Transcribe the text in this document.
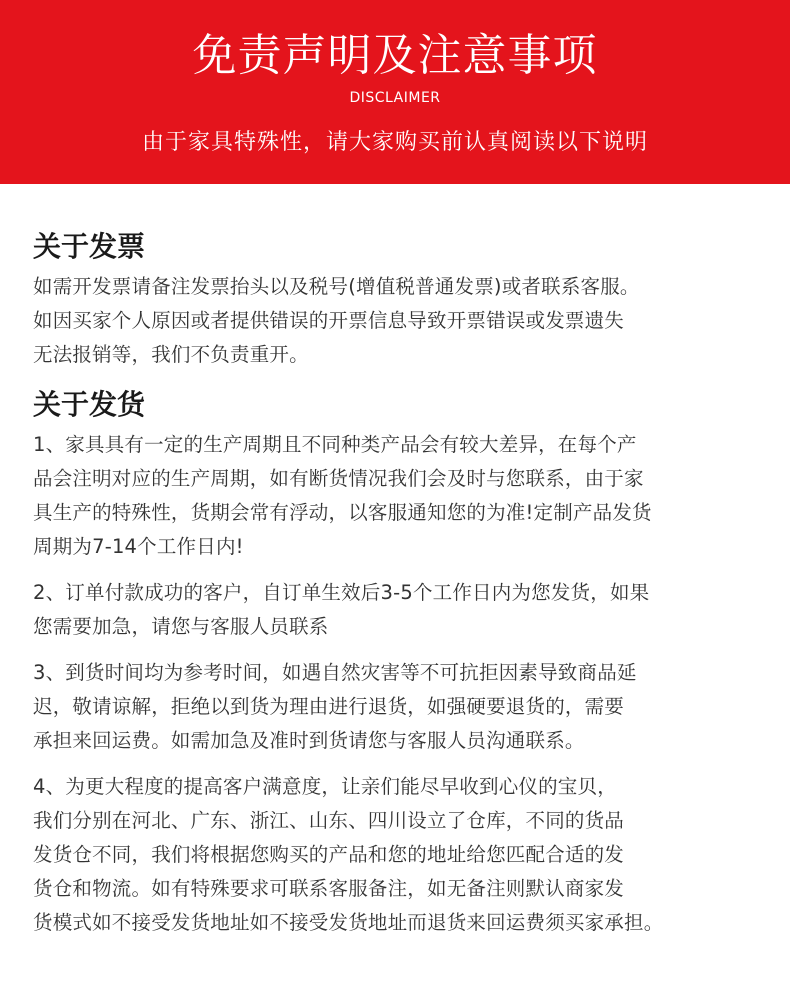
免责声明及注意事项
DISCLAIMER
由于家具特殊性，请大家购买前认真阅读以下说明
关于发票

如需开发票请备注发票抬头以及税号(增值税普通发票)或者联系客服。
如因买家个人原因或者提供错误的开票信息导致开票错误或发票遗失
无法报销等，我们不负责重开。

关于发货

1、家具具有一定的生产周期且不同种类产品会有较大差异，在每个产
品会注明对应的生产周期，如有断货情况我们会及时与您联系，由于家
具生产的特殊性，货期会常有浮动，以客服通知您的为准!定制产品发货
周期为7-14个工作日内!

2、订单付款成功的客户，自订单生效后3-5个工作日内为您发货，如果
您需要加急，请您与客服人员联系

3、到货时间均为参考时间，如遇自然灾害等不可抗拒因素导致商品延
迟，敬请谅解，拒绝以到货为理由进行退货，如强硬要退货的，需要
承担来回运费。如需加急及准时到货请您与客服人员沟通联系。

4、为更大程度的提高客户满意度，让亲们能尽早收到心仪的宝贝，
我们分别在河北、广东、浙江、山东、四川设立了仓库，不同的货品
发货仓不同，我们将根据您购买的产品和您的地址给您匹配合适的发
货仓和物流。如有特殊要求可联系客服备注，如无备注则默认商家发
货模式如不接受发货地址如不接受发货地址而退货来回运费须买家承担。
